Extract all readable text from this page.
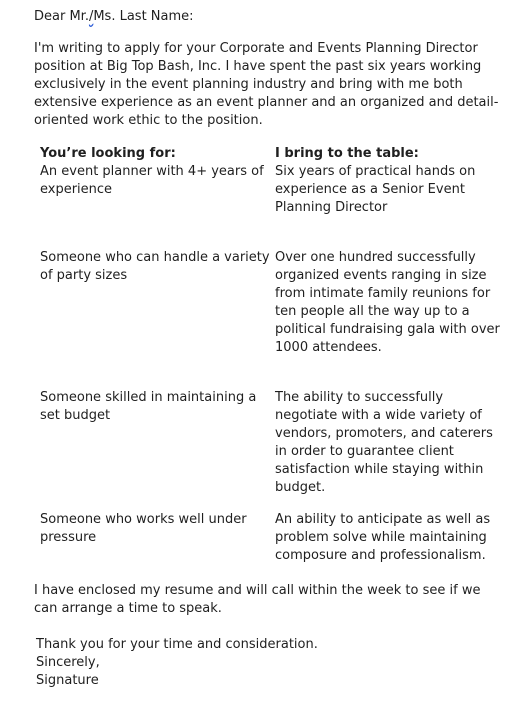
Dear Mr./Ms. Last Name:

I'm writing to apply for your Corporate and Events Planning Director position at Big Top Bash, Inc. I have spent the past six years working exclusively in the event planning industry and bring with me both extensive experience as an event planner and an organized and detail-oriented work ethic to the position.

You’re looking for:	I bring to the table:

An event planner with 4+ years of experience

Six years of practical hands on experience as a Senior Event Planning Director

Someone who can handle a variety of party sizes

Over one hundred successfully organized events ranging in size from intimate family reunions for ten people all the way up to a political fundraising gala with over 1000 attendees.

Someone skilled in maintaining a set budget

The ability to successfully negotiate with a wide variety of vendors, promoters, and caterers in order to guarantee client satisfaction while staying within budget.

Someone who works well under pressure

An ability to anticipate as well as problem solve while maintaining composure and professionalism.

I have enclosed my resume and will call within the week to see if we can arrange a time to speak.

Thank you for your time and consideration.
Sincerely,
Signature
